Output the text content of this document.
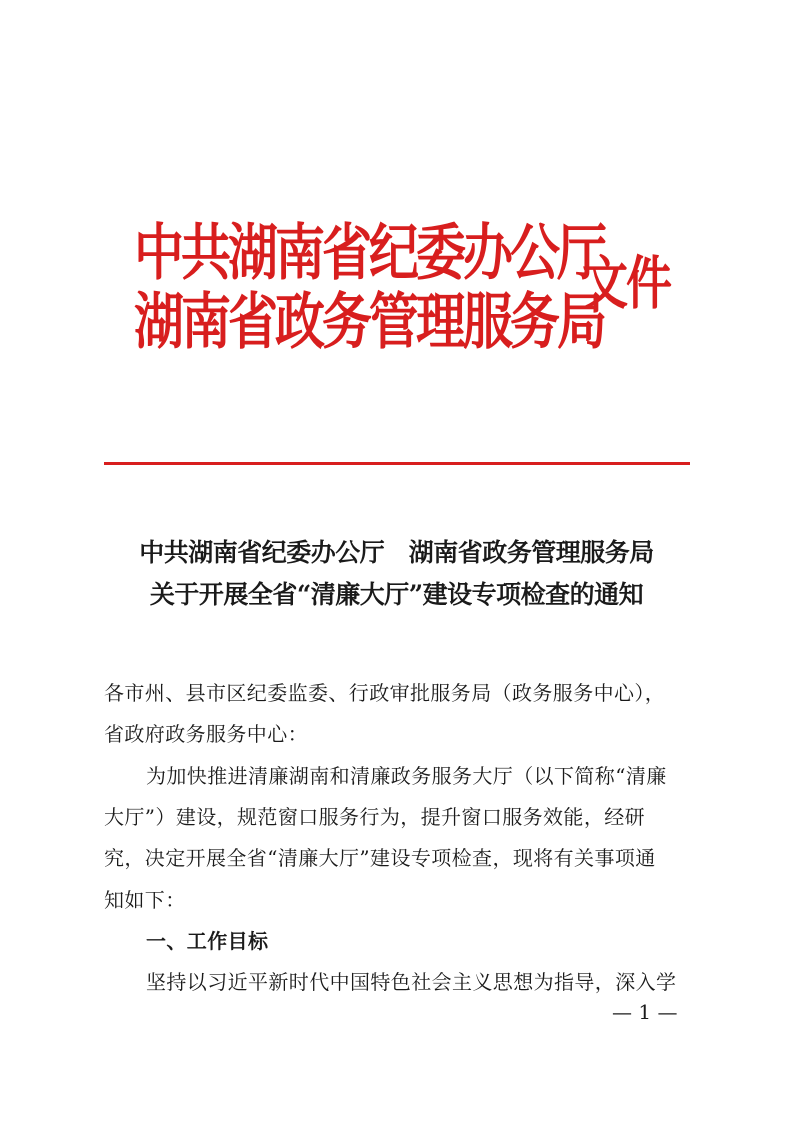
中共湖南省纪委办公厅
湖南省政务管理服务局
文件
中共湖南省纪委办公厅　湖南省政务管理服务局
关于开展全省“清廉大厅”建设专项检查的通知
各市州、县市区纪委监委、行政审批服务局（政务服务中心），
省政府政务服务中心：
为加快推进清廉湖南和清廉政务服务大厅（以下简称“清廉
大厅”）建设，规范窗口服务行为，提升窗口服务效能，经研
究，决定开展全省“清廉大厅”建设专项检查，现将有关事项通
知如下：
一、工作目标
坚持以习近平新时代中国特色社会主义思想为指导，深入学
— 1 —
